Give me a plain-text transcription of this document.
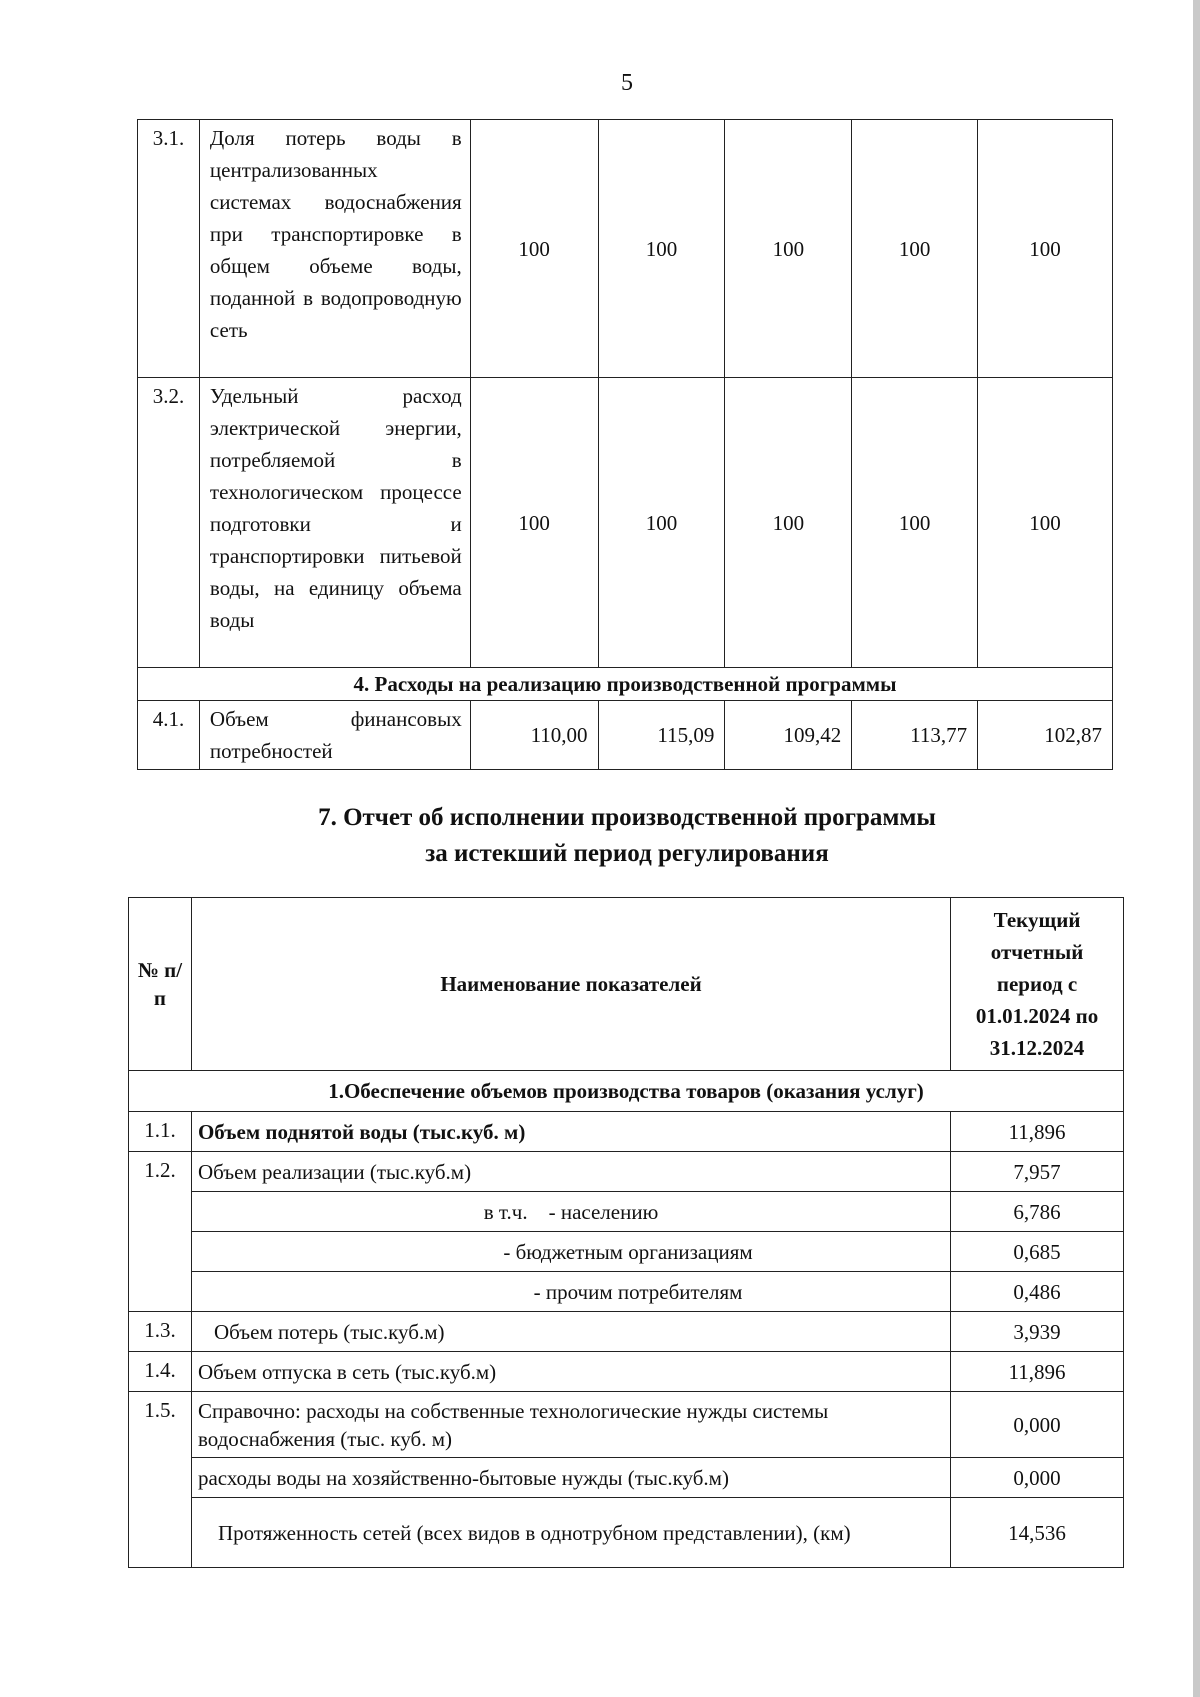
5
3.1.	Доля потерь воды в централизованных системах водоснабжения при транспортировке в общем объеме воды, поданной в водопроводную сеть	100	100	100	100	100
3.2.	Удельный расход электрической энергии, потребляемой в технологическом процессе подготовки и транспортировки питьевой воды, на единицу объема воды	100	100	100	100	100
4. Расходы на реализацию производственной программы						
4.1.	Объем финансовых потребностей	110,00	115,09	109,42	113,77	102,87
7. Отчет об исполнении производственной программы
за истекший период регулирования
№ п/п	Наименование показателей	Текущий отчетный период с 01.01.2024 по 31.12.2024
1.Обеспечение объемов производства товаров (оказания услуг)		
1.1.	Объем поднятой воды (тыс.куб. м)	11,896
1.2.	Объем реализации (тыс.куб.м)	7,957
	в т.ч.    - населению	6,786
	- бюджетным организациям	0,685
	- прочим потребителям	0,486
1.3.	Объем потерь (тыс.куб.м)	3,939
1.4.	Объем отпуска в сеть (тыс.куб.м)	11,896
1.5.	Справочно: расходы на собственные технологические нужды системы водоснабжения (тыс. куб. м)	0,000
	расходы воды на хозяйственно-бытовые нужды (тыс.куб.м)	0,000
	Протяженность сетей (всех видов в однотрубном представлении), (км)	14,536
